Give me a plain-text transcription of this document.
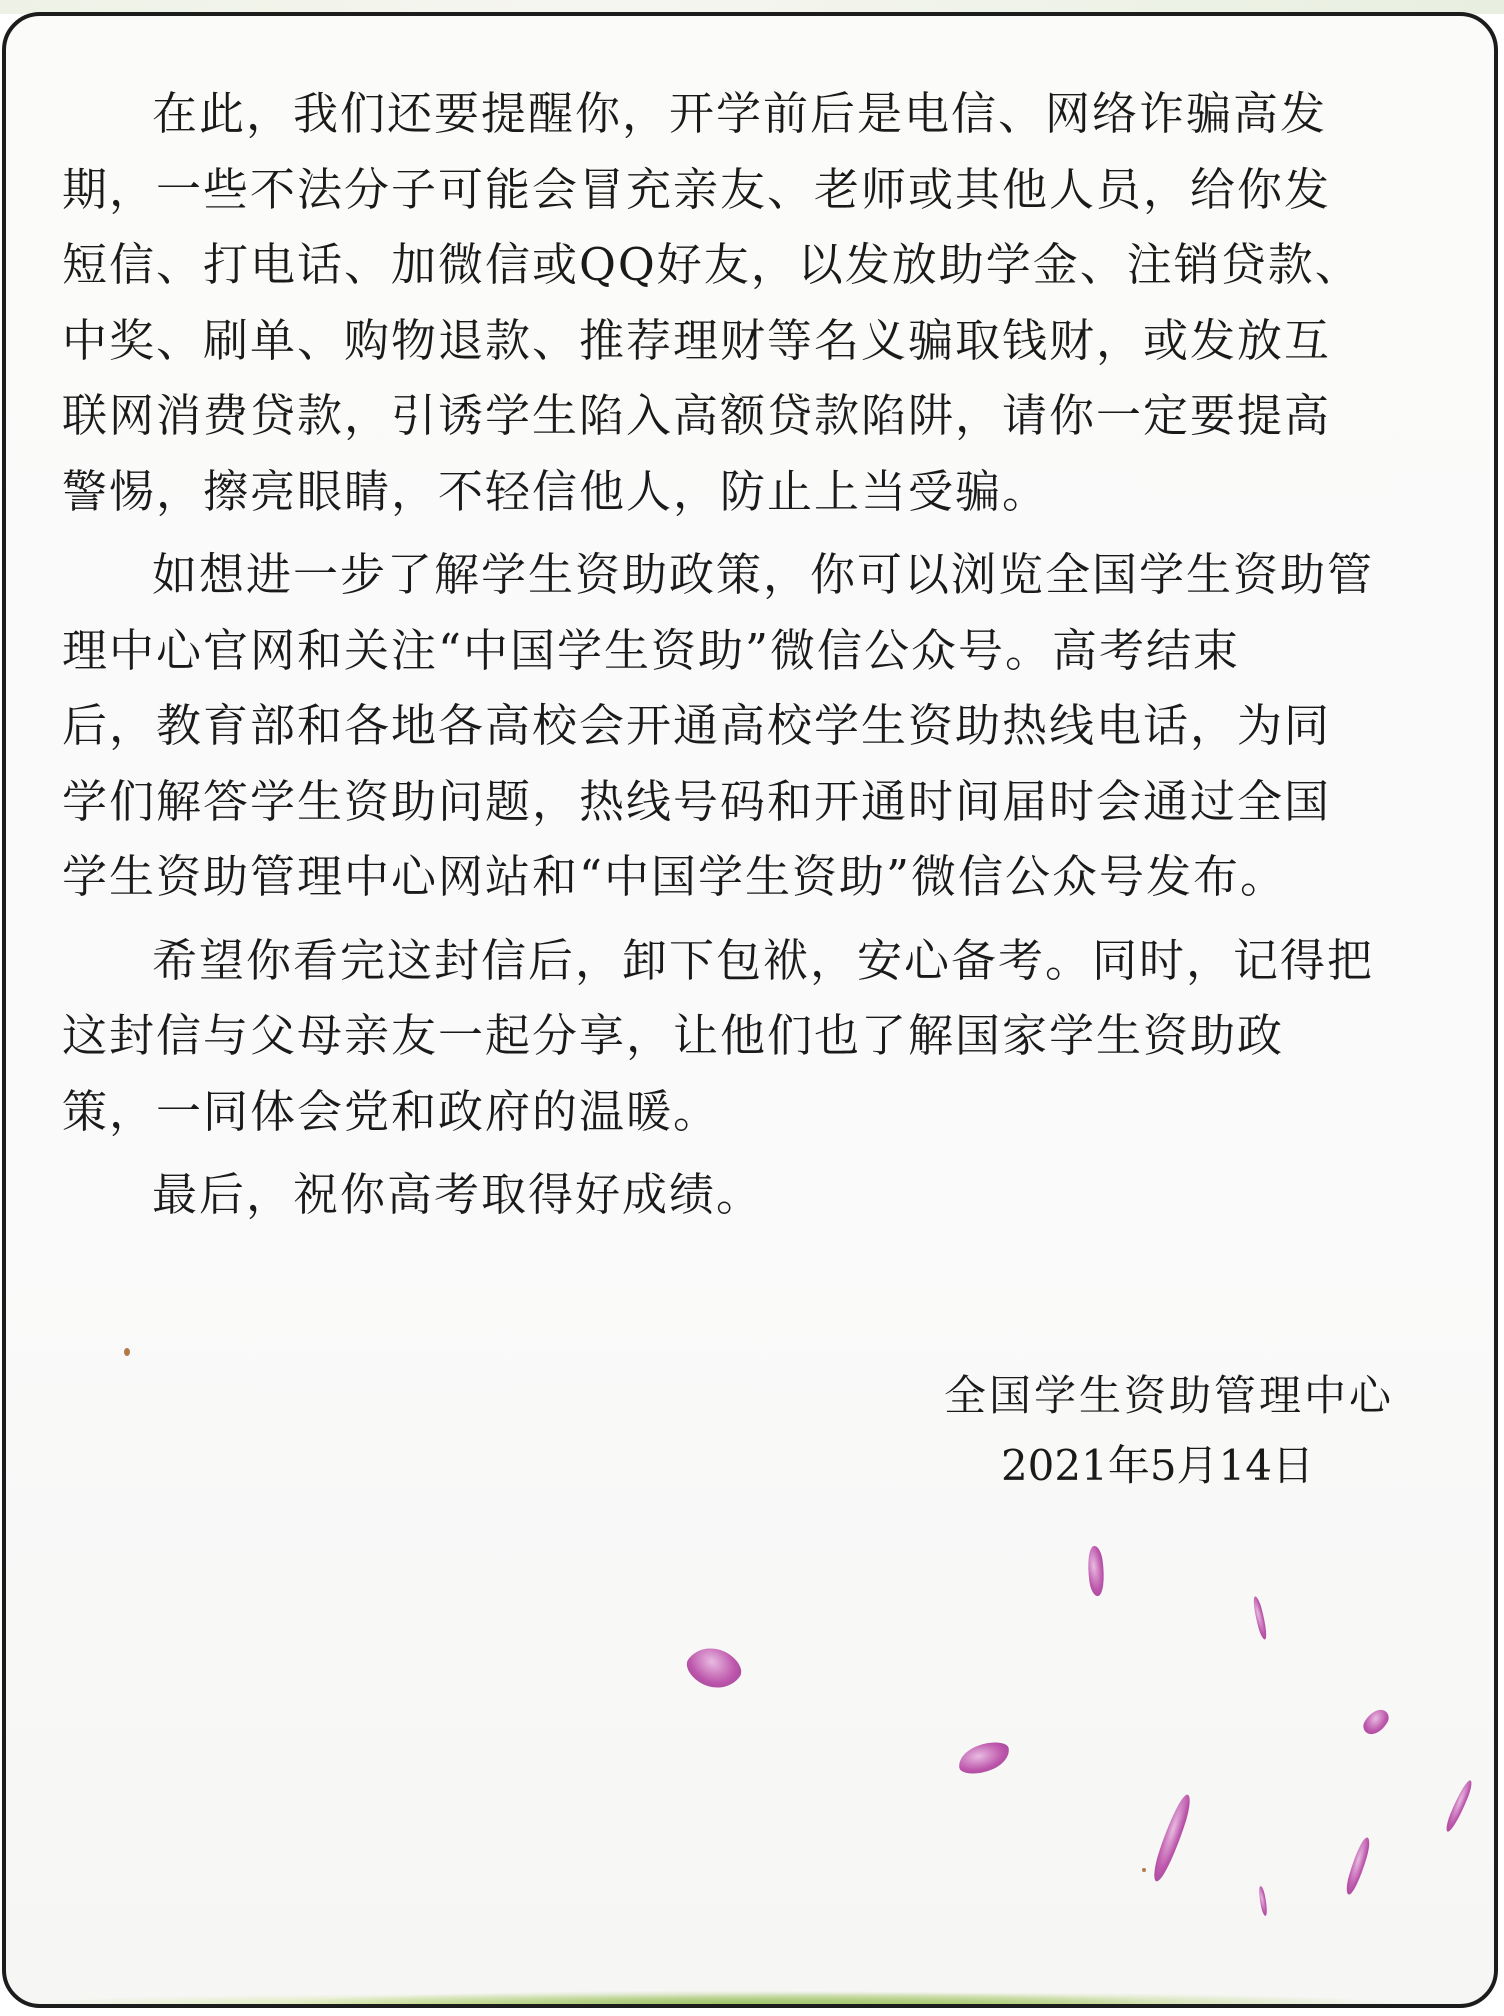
在此，我们还要提醒你，开学前后是电信、网络诈骗高发
期，一些不法分子可能会冒充亲友、老师或其他人员，给你发
短信、打电话、加微信或QQ好友，以发放助学金、注销贷款、
中奖、刷单、购物退款、推荐理财等名义骗取钱财，或发放互
联网消费贷款，引诱学生陷入高额贷款陷阱，请你一定要提高
警惕，擦亮眼睛，不轻信他人，防止上当受骗。

如想进一步了解学生资助政策，你可以浏览全国学生资助管
理中心官网和关注“中国学生资助”微信公众号。高考结束
后，教育部和各地各高校会开通高校学生资助热线电话，为同
学们解答学生资助问题，热线号码和开通时间届时会通过全国
学生资助管理中心网站和“中国学生资助”微信公众号发布。

希望你看完这封信后，卸下包袱，安心备考。同时，记得把
这封信与父母亲友一起分享，让他们也了解国家学生资助政
策，一同体会党和政府的温暖。

最后，祝你高考取得好成绩。

全国学生资助管理中心
2021年5月14日
